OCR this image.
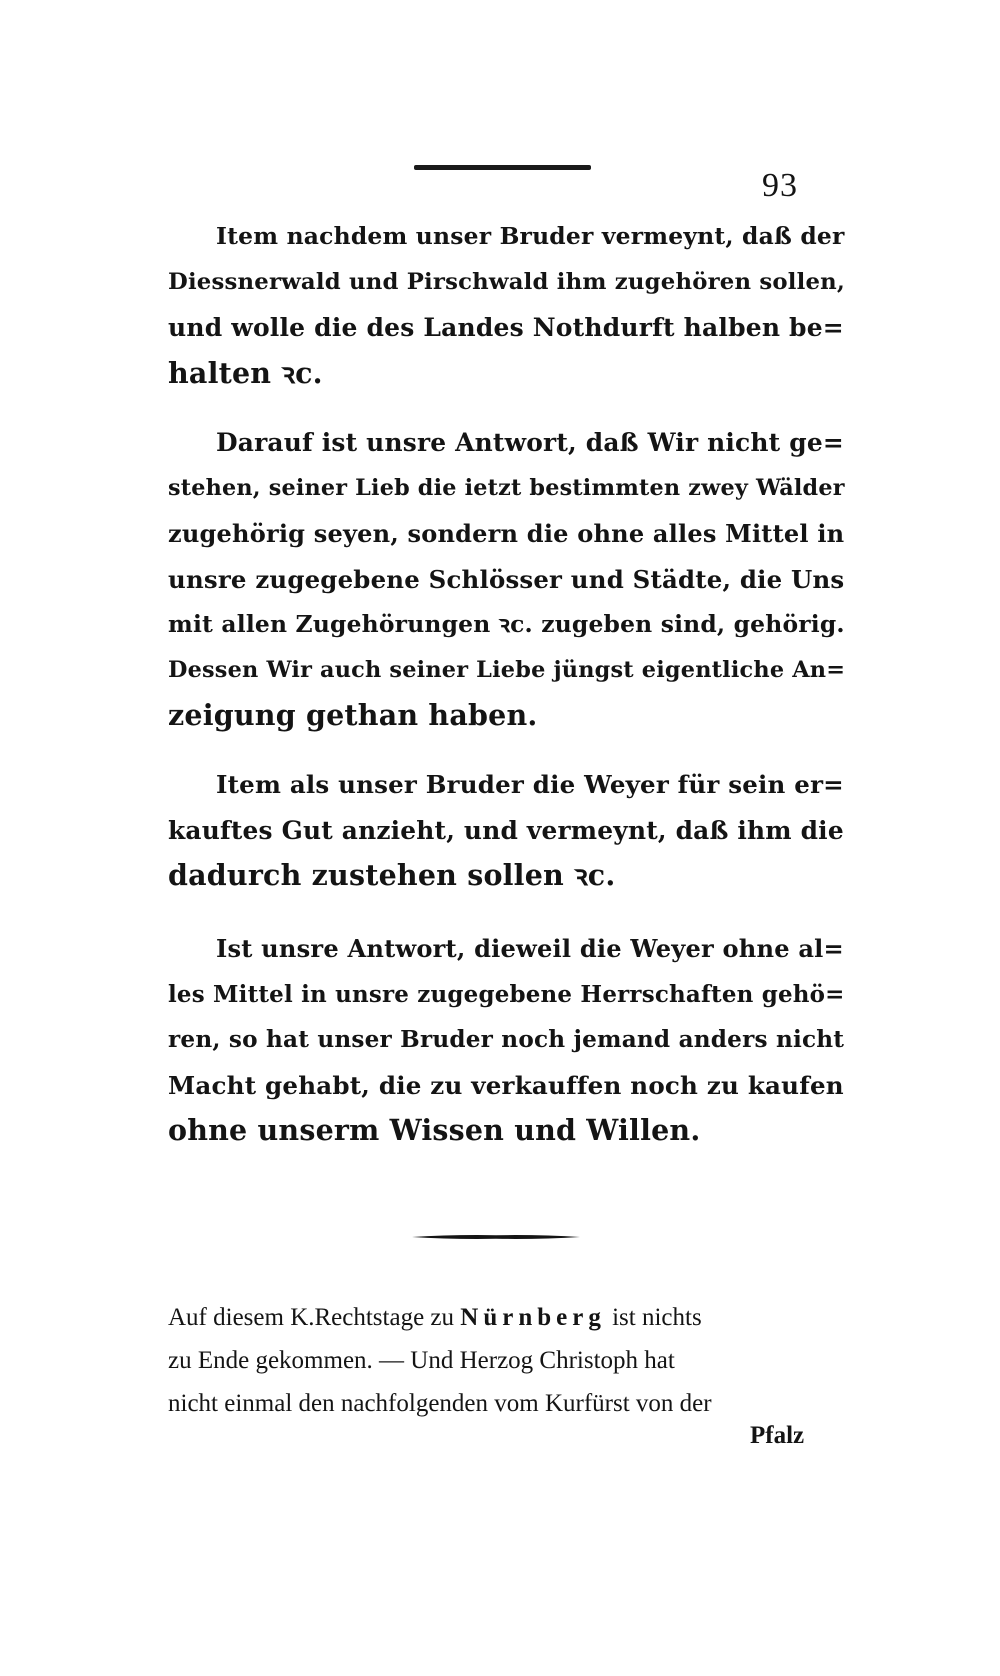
93

Item nachdem unser Bruder vermeynt, daß der
Diessnerwald und Pirschwald ihm zugehören sollen,
und wolle die des Landes Nothdurft halben be=
halten ꝛc.

Darauf ist unsre Antwort, daß Wir nicht ge=
stehen, seiner Lieb die ietzt bestimmten zwey Wälder
zugehörig seyen, sondern die ohne alles Mittel in
unsre zugegebene Schlösser und Städte, die Uns
mit allen Zugehörungen ꝛc. zugeben sind, gehörig.
Dessen Wir auch seiner Liebe jüngst eigentliche An=
zeigung gethan haben.

Item als unser Bruder die Weyer für sein er=
kauftes Gut anzieht, und vermeynt, daß ihm die
dadurch zustehen sollen ꝛc.

Ist unsre Antwort, dieweil die Weyer ohne al=
les Mittel in unsre zugegebene Herrschaften gehö=
ren, so hat unser Bruder noch jemand anders nicht
Macht gehabt, die zu verkauffen noch zu kaufen
ohne unserm Wissen und Willen.

Auf diesem K.Rechtstage zu Nürnberg ist nichts
zu Ende gekommen. — Und Herzog Christoph hat
nicht einmal den nachfolgenden vom Kurfürst von der
Pfalz
